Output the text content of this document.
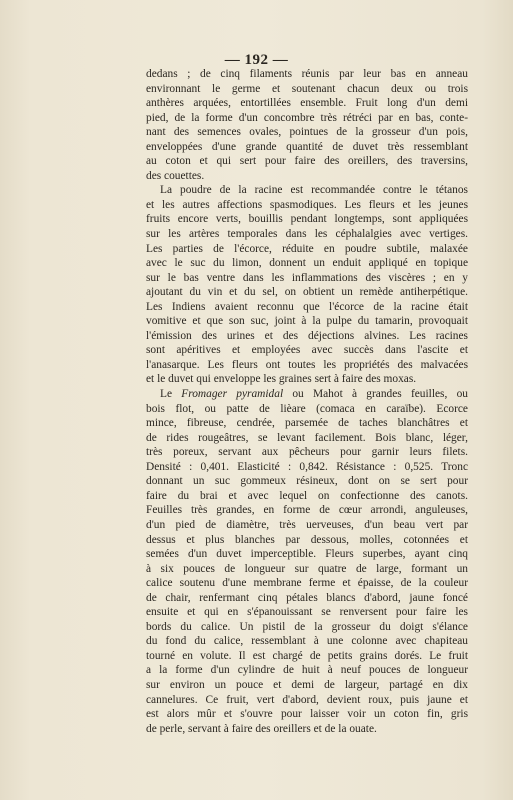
— 192 —
dedans ; de cinq filaments réunis par leur bas en anneau
environnant le germe et soutenant chacun deux ou trois
anthères arquées, entortillées ensemble. Fruit long d'un demi
pied, de la forme d'un concombre très rétréci par en bas, conte-
nant des semences ovales, pointues de la grosseur d'un pois,
enveloppées d'une grande quantité de duvet très ressemblant
au coton et qui sert pour faire des oreillers, des traversins,
des couettes.
La poudre de la racine est recommandée contre le tétanos
et les autres affections spasmodiques. Les fleurs et les jeunes
fruits encore verts, bouillis pendant longtemps, sont appliquées
sur les artères temporales dans les céphalalgies avec vertiges.
Les parties de l'écorce, réduite en poudre subtile, malaxée
avec le suc du limon, donnent un enduit appliqué en topique
sur le bas ventre dans les inflammations des viscères ; en y
ajoutant du vin et du sel, on obtient un remède antiherpétique.
Les Indiens avaient reconnu que l'écorce de la racine était
vomitive et que son suc, joint à la pulpe du tamarin, provoquait
l'émission des urines et des déjections alvines. Les racines
sont apéritives et employées avec succès dans l'ascite et
l'anasarque. Les fleurs ont toutes les propriétés des malvacées
et le duvet qui enveloppe les graines sert à faire des moxas.
Le Fromager pyramidal ou Mahot à grandes feuilles, ou
bois flot, ou patte de lièare (comaca en caraïbe). Ecorce
mince, fibreuse, cendrée, parsemée de taches blanchâtres et
de rides rougeâtres, se levant facilement. Bois blanc, léger,
très poreux, servant aux pêcheurs pour garnir leurs filets.
Densité : 0,401. Elasticité : 0,842. Résistance : 0,525. Tronc
donnant un suc gommeux résineux, dont on se sert pour
faire du brai et avec lequel on confectionne des canots.
Feuilles très grandes, en forme de cœur arrondi, anguleuses,
d'un pied de diamètre, très uerveuses, d'un beau vert par
dessus et plus blanches par dessous, molles, cotonnées et
semées d'un duvet imperceptible. Fleurs superbes, ayant cinq
à six pouces de longueur sur quatre de large, formant un
calice soutenu d'une membrane ferme et épaisse, de la couleur
de chair, renfermant cinq pétales blancs d'abord, jaune foncé
ensuite et qui en s'épanouissant se renversent pour faire les
bords du calice. Un pistil de la grosseur du doigt s'élance
du fond du calice, ressemblant à une colonne avec chapiteau
tourné en volute. Il est chargé de petits grains dorés. Le fruit
a la forme d'un cylindre de huit à neuf pouces de longueur
sur environ un pouce et demi de largeur, partagé en dix
cannelures. Ce fruit, vert d'abord, devient roux, puis jaune et
est alors mûr et s'ouvre pour laisser voir un coton fin, gris
de perle, servant à faire des oreillers et de la ouate.
